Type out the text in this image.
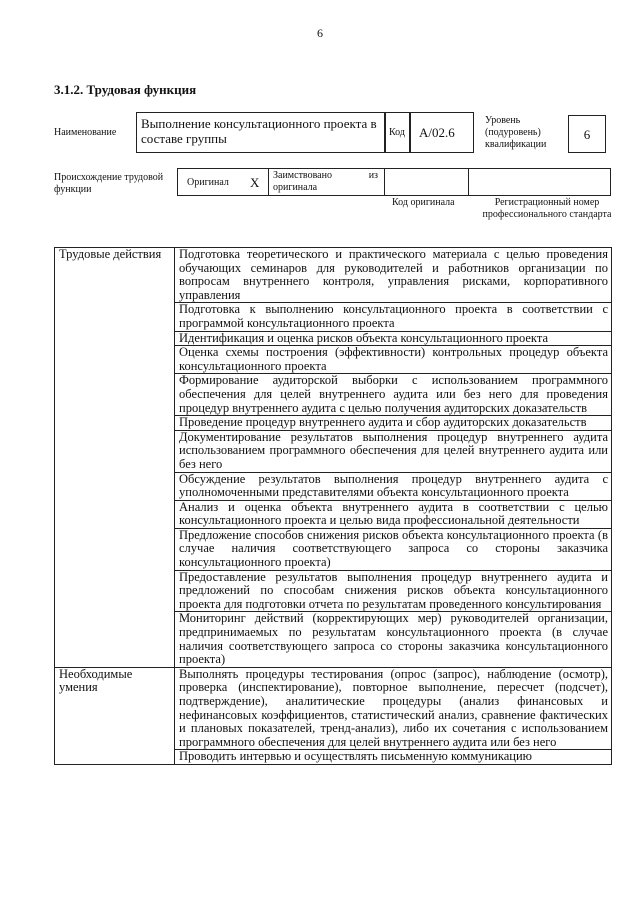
6
3.1.2. Трудовая функция
Наименование
Выполнение консультационного проекта в составе группы	Код	А/02.6
Уровень (подуровень) квалификации
6
Происхождение трудовой функции
Оригинал	X	Заимствовано	из

оригинала
Код оригинала	Регистрационный номер профессионального стандарта
Трудовые действия	Подготовка теоретического и практического материала с целью проведения обучающих семинаров для руководителей и работников организации по вопросам внутреннего контроля, управления рисками, корпоративного управления
	Подготовка к выполнению консультационного проекта в соответствии с программой консультационного проекта
	Идентификация и оценка рисков объекта консультационного проекта
	Оценка схемы построения (эффективности) контрольных процедур объекта консультационного проекта
	Формирование аудиторской выборки с использованием программного обеспечения для целей внутреннего аудита или без него для проведения процедур внутреннего аудита с целью получения аудиторских доказательств
	Проведение процедур внутреннего аудита и сбор аудиторских доказательств
	Документирование результатов выполнения процедур внутреннего аудита использованием программного обеспечения для целей внутреннего аудита или без него
	Обсуждение результатов выполнения процедур внутреннего аудита с уполномоченными представителями объекта консультационного проекта
	Анализ и оценка объекта внутреннего аудита в соответствии с целью консультационного проекта и целью вида профессиональной деятельности
	Предложение способов снижения рисков объекта консультационного проекта (в случае наличия соответствующего запроса со стороны заказчика консультационного проекта)
	Предоставление результатов выполнения процедур внутреннего аудита и предложений по способам снижения рисков объекта консультационного проекта для подготовки отчета по результатам проведенного консультирования
	Мониторинг действий (корректирующих мер) руководителей организации, предпринимаемых по результатам консультационного проекта (в случае наличия соответствующего запроса со стороны заказчика консультационного проекта)
Необходимые умения	Выполнять процедуры тестирования (опрос (запрос), наблюдение (осмотр), проверка (инспектирование), повторное выполнение, пересчет (подсчет), подтверждение), аналитические процедуры (анализ финансовых и нефинансовых коэффициентов, статистический анализ, сравнение фактических и плановых показателей, тренд-анализ), либо их сочетания с использованием программного обеспечения для целей внутреннего аудита или без него
	Проводить интервью и осуществлять письменную коммуникацию
